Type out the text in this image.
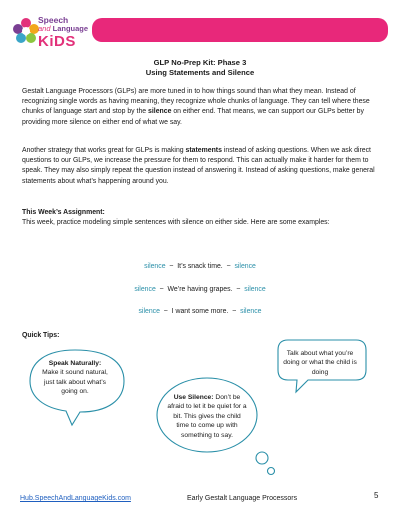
Speech
and Language
KiDS
GLP No-Prep Kit: Phase 3
Using Statements and Silence

Gestalt Language Processors (GLPs) are more tuned in to how things sound than what they mean. Instead of recognizing single words as having meaning, they recognize whole chunks of language. They can tell where these chunks of language start and stop by the silence on either end. That means, we can support our GLPs better by providing more silence on either end of what we say.

Another strategy that works great for GLPs is making statements instead of asking questions. When we ask direct questions to our GLPs, we increase the pressure for them to respond. This can actually make it harder for them to speak. They may also simply repeat the question instead of answering it. Instead of asking questions, make general statements about what’s happening around you.

This Week’s Assignment:

This week, practice modeling simple sentences with silence on either side. Here are some examples:

silence ~ It’s snack time. ~ silence
silence ~ We’re having grapes. ~ silence
silence ~ I want some more. ~ silence
Quick Tips:
Speak Naturally:
Make it sound natural, just talk about what’s going on.
Use Silence: Don’t be afraid to let it be quiet for a bit. This gives the child time to come up with something to say.
Talk about what you’re doing or what the child is doing
Hub.SpeechAndLanguageKids.com	Early Gestalt Language Processors	5
